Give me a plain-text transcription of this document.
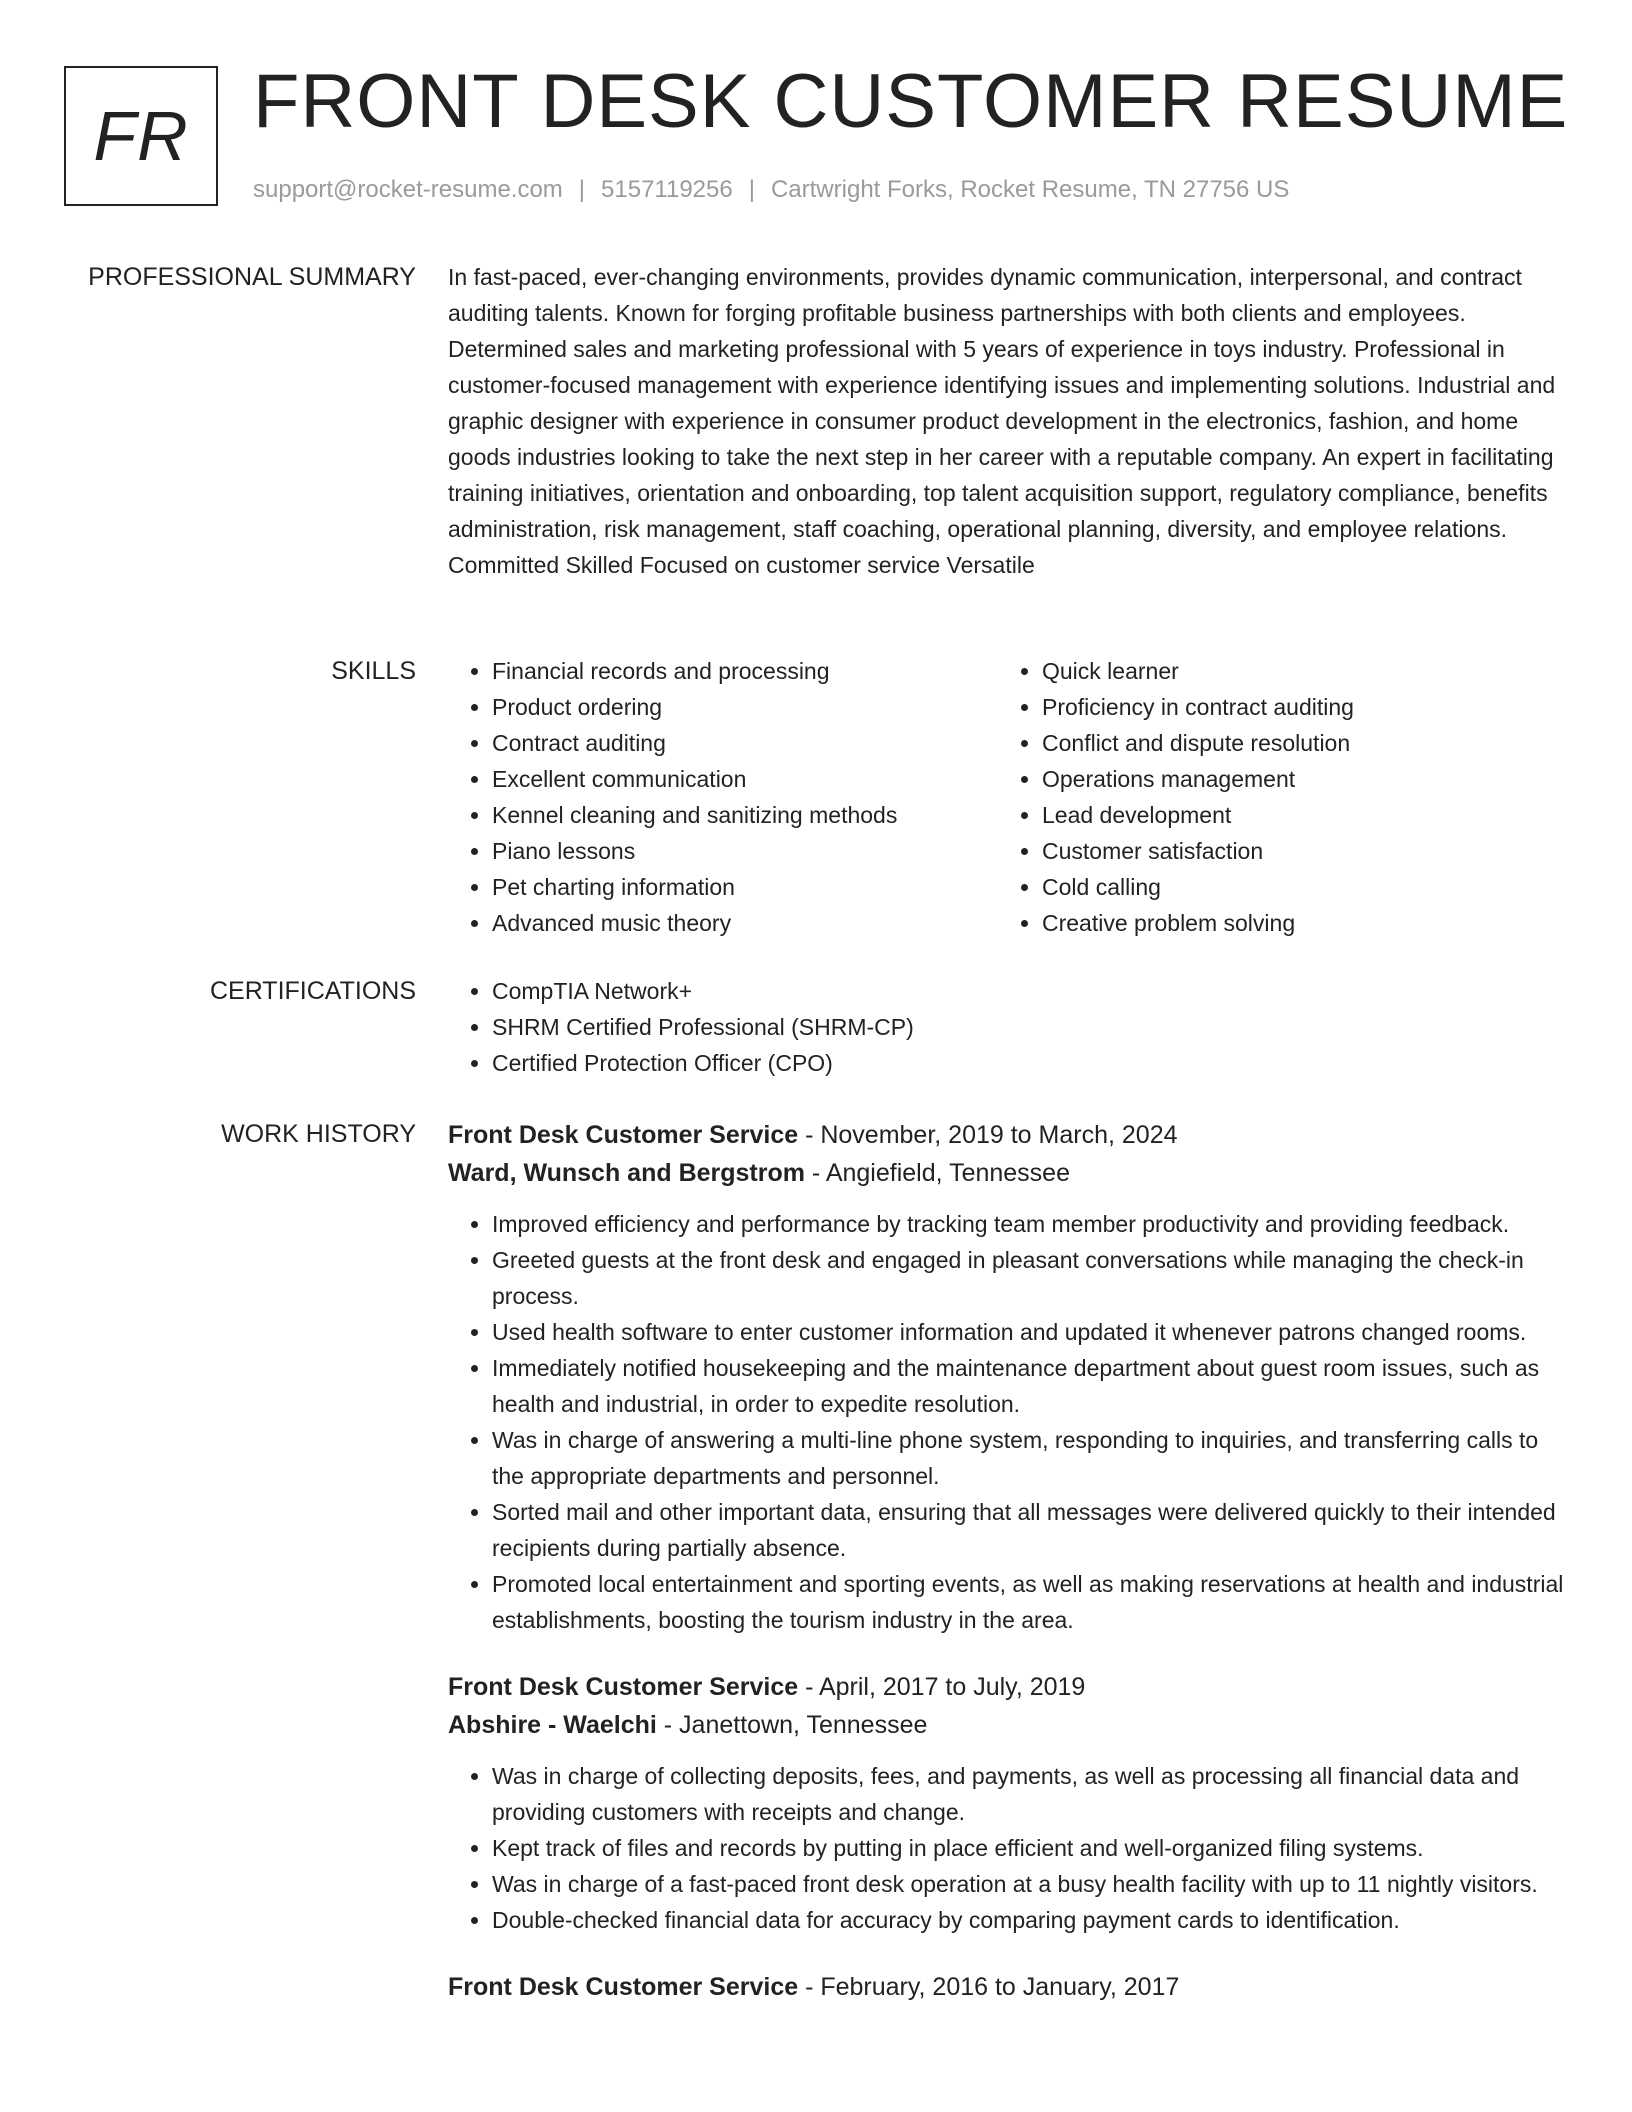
FR FRONT DESK CUSTOMER RESUME
support@rocket-resume.com | 5157119256 | Cartwright Forks, Rocket Resume, TN 27756 US
PROFESSIONAL SUMMARY In fast-paced, ever-changing environments, provides dynamic communication, interpersonal, and contract auditing talents. Known for forging profitable business partnerships with both clients and employees. Determined sales and marketing professional with 5 years of experience in toys industry. Professional in customer-focused management with experience identifying issues and implementing solutions. Industrial and graphic designer with experience in consumer product development in the electronics, fashion, and home goods industries looking to take the next step in her career with a reputable company. An expert in facilitating training initiatives, orientation and onboarding, top talent acquisition support, regulatory compliance, benefits administration, risk management, staff coaching, operational planning, diversity, and employee relations. Committed Skilled Focused on customer service Versatile

SKILLS	• Financial records and processing
• Product ordering
• Contract auditing
• Excellent communication
• Kennel cleaning and sanitizing methods
• Piano lessons
• Pet charting information
• Advanced music theory
• Quick learner
• Proficiency in contract auditing
• Conflict and dispute resolution
• Operations management
• Lead development
• Customer satisfaction
• Cold calling
• Creative problem solving
CERTIFICATIONS	• CompTIA Network+
• SHRM Certified Professional (SHRM-CP)
• Certified Protection Officer (CPO)
WORK HISTORY Front Desk Customer Service - November, 2019 to March, 2024
Ward, Wunsch and Bergstrom - Angiefield, Tennessee
• Improved efficiency and performance by tracking team member productivity and providing feedback.
• Greeted guests at the front desk and engaged in pleasant conversations while managing the check-in process.
• Used health software to enter customer information and updated it whenever patrons changed rooms.
• Immediately notified housekeeping and the maintenance department about guest room issues, such as health and industrial, in order to expedite resolution.
• Was in charge of answering a multi-line phone system, responding to inquiries, and transferring calls to the appropriate departments and personnel.
• Sorted mail and other important data, ensuring that all messages were delivered quickly to their intended recipients during partially absence.
• Promoted local entertainment and sporting events, as well as making reservations at health and industrial establishments, boosting the tourism industry in the area.
Front Desk Customer Service - April, 2017 to July, 2019
Abshire - Waelchi - Janettown, Tennessee
• Was in charge of collecting deposits, fees, and payments, as well as processing all financial data and providing customers with receipts and change.
• Kept track of files and records by putting in place efficient and well-organized filing systems.
• Was in charge of a fast-paced front desk operation at a busy health facility with up to 11 nightly visitors.
• Double-checked financial data for accuracy by comparing payment cards to identification.
Front Desk Customer Service - February, 2016 to January, 2017
